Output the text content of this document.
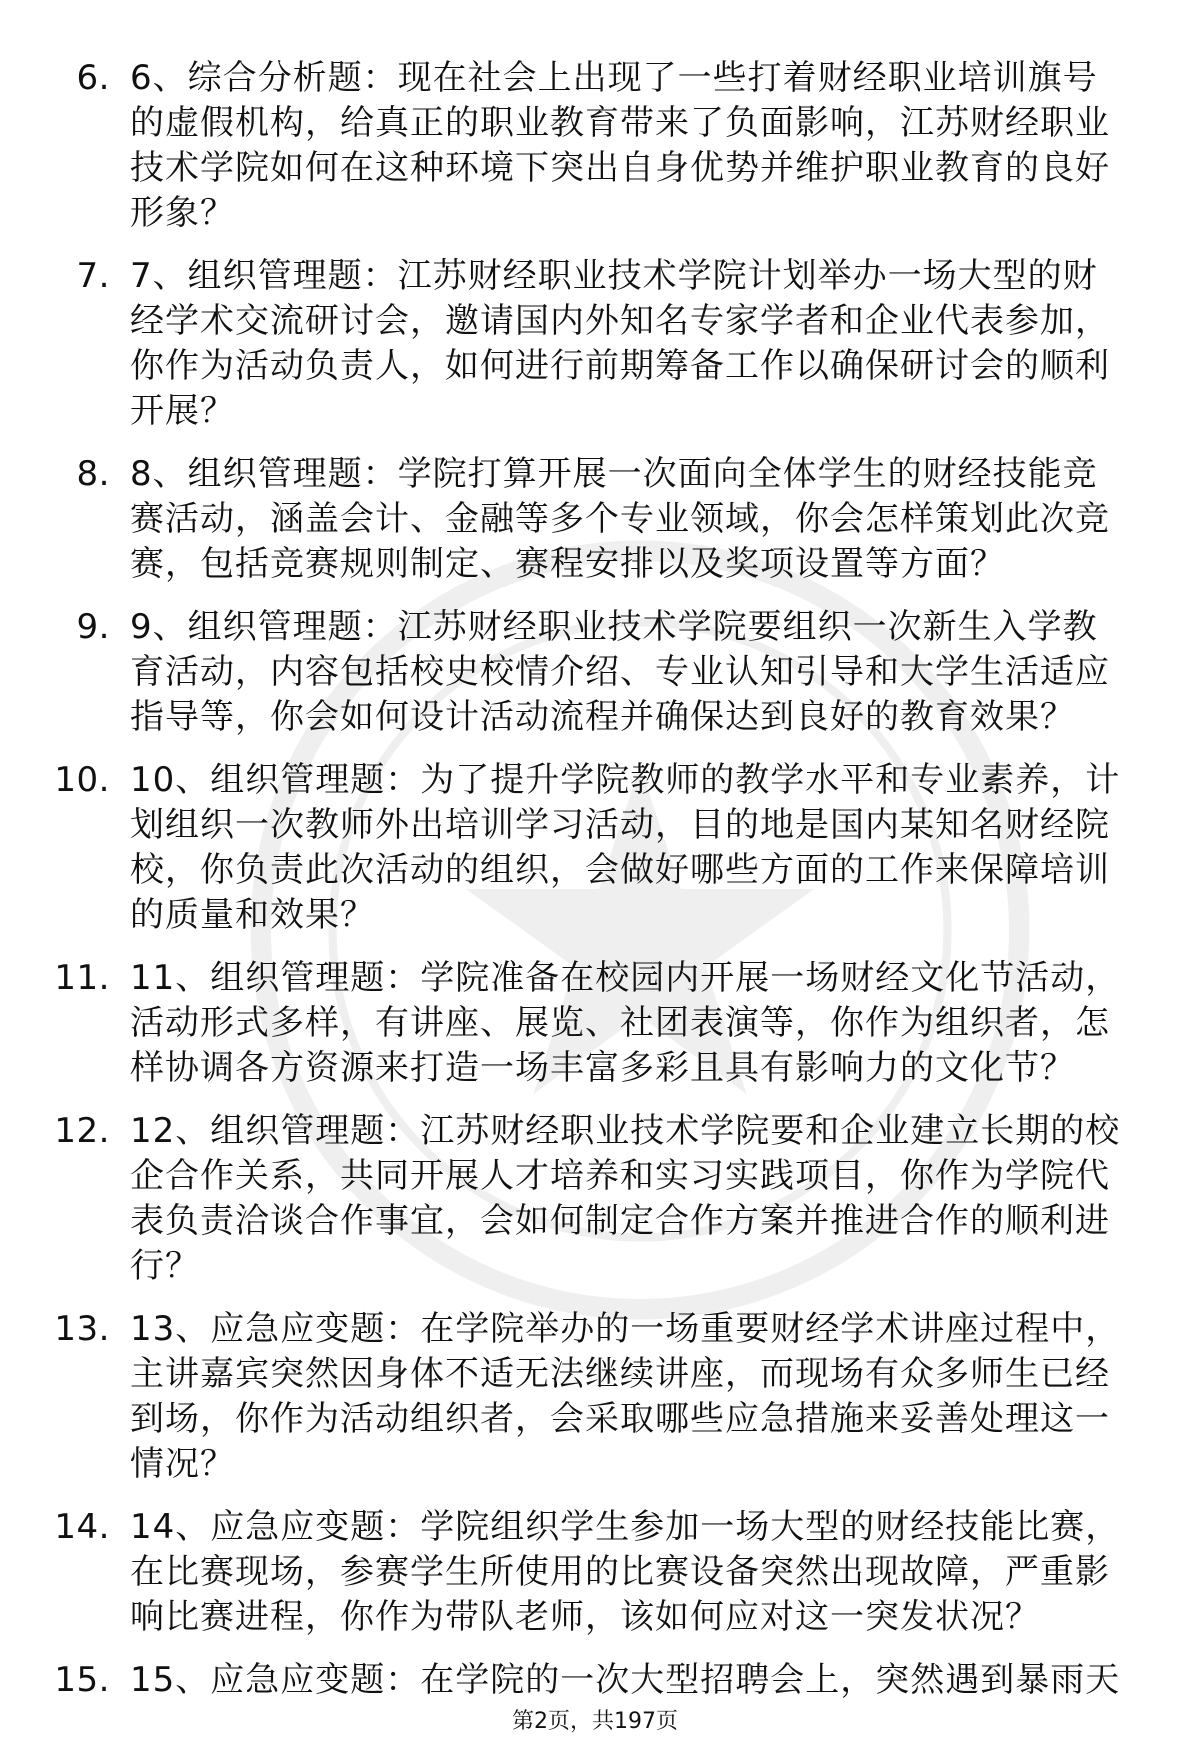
6. 6、综合分析题：现在社会上出现了一些打着财经职业培训旗号的虚假机构，给真正的职业教育带来了负面影响，江苏财经职业技术学院如何在这种环境下突出自身优势并维护职业教育的良好形象？
7. 7、组织管理题：江苏财经职业技术学院计划举办一场大型的财经学术交流研讨会，邀请国内外知名专家学者和企业代表参加，你作为活动负责人，如何进行前期筹备工作以确保研讨会的顺利开展？
8. 8、组织管理题：学院打算开展一次面向全体学生的财经技能竞赛活动，涵盖会计、金融等多个专业领域，你会怎样策划此次竞赛，包括竞赛规则制定、赛程安排以及奖项设置等方面？
9. 9、组织管理题：江苏财经职业技术学院要组织一次新生入学教育活动，内容包括校史校情介绍、专业认知引导和大学生活适应指导等，你会如何设计活动流程并确保达到良好的教育效果？
10. 10、组织管理题：为了提升学院教师的教学水平和专业素养，计划组织一次教师外出培训学习活动，目的地是国内某知名财经院校，你负责此次活动的组织，会做好哪些方面的工作来保障培训的质量和效果？
11. 11、组织管理题：学院准备在校园内开展一场财经文化节活动，活动形式多样，有讲座、展览、社团表演等，你作为组织者，怎样协调各方资源来打造一场丰富多彩且具有影响力的文化节？
12. 12、组织管理题：江苏财经职业技术学院要和企业建立长期的校企合作关系，共同开展人才培养和实习实践项目，你作为学院代表负责洽谈合作事宜，会如何制定合作方案并推进合作的顺利进行？
13. 13、应急应变题：在学院举办的一场重要财经学术讲座过程中，主讲嘉宾突然因身体不适无法继续讲座，而现场有众多师生已经到场，你作为活动组织者，会采取哪些应急措施来妥善处理这一情况？
14. 14、应急应变题：学院组织学生参加一场大型的财经技能比赛，在比赛现场，参赛学生所使用的比赛设备突然出现故障，严重影响比赛进程，你作为带队老师，该如何应对这一突发状况？
15. 15、应急应变题：在学院的一次大型招聘会上，突然遇到暴雨天
第2页，共197页
